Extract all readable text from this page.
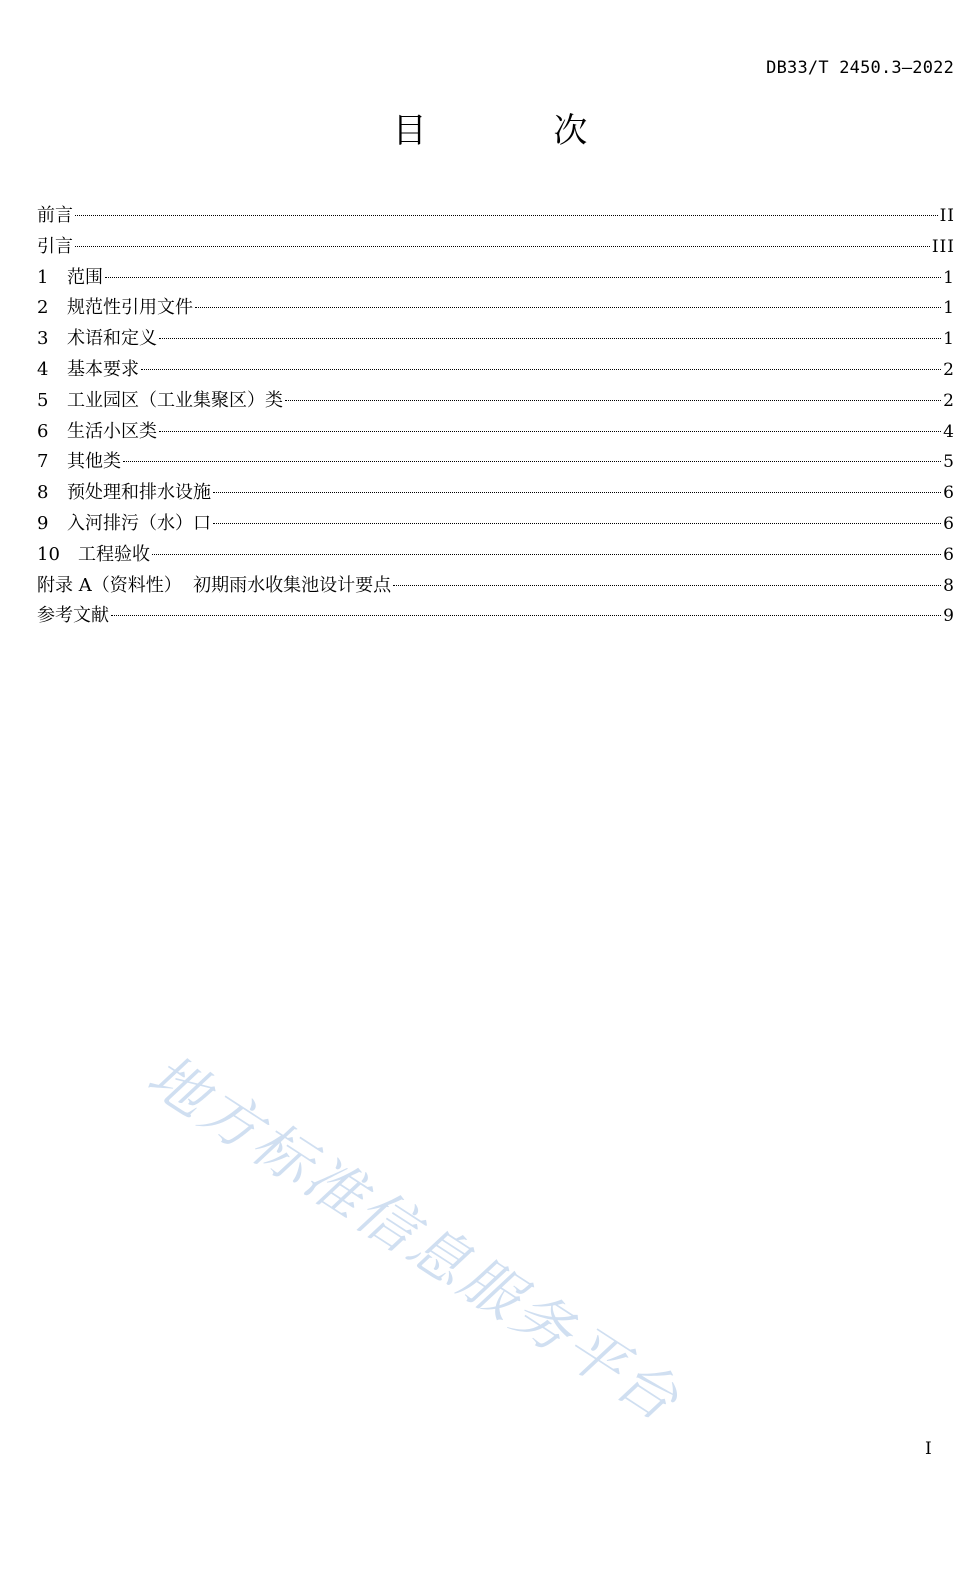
DB33/T 2450.3—2022
目 次
前言	II
引言	III
1 范围	1
2 规范性引用文件	1
3 术语和定义	1
4 基本要求	2
5 工业园区（工业集聚区）类	2
6 生活小区类	4
7 其他类	5
8 预处理和排水设施	6
9 入河排污（水）口	6
10 工程验收	6
附录 A（资料性）  初期雨水收集池设计要点	8
参考文献	9
地方标准信息服务平台
I
